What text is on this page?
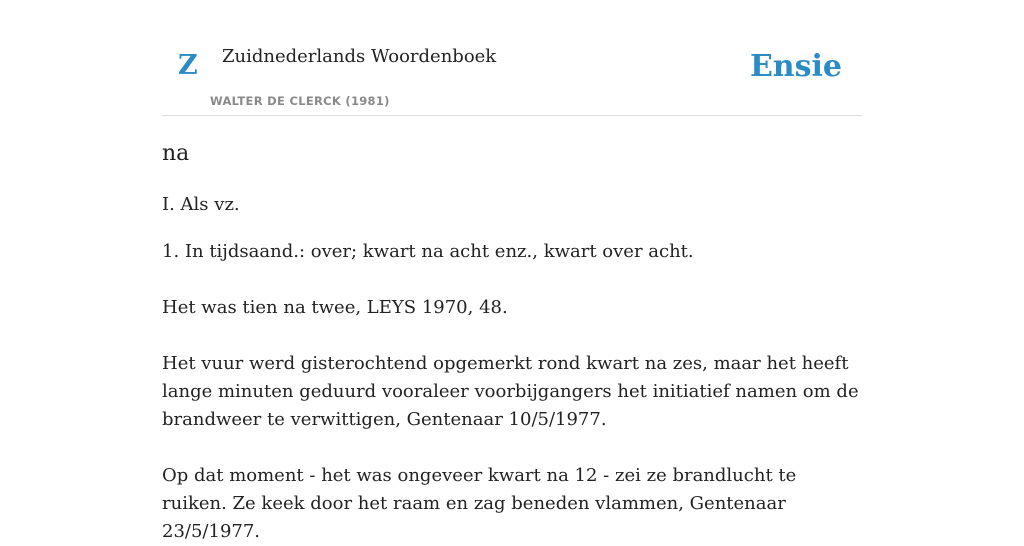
Z Zuidnederlands Woordenboek
WALTER DE CLERCK (1981)
Ensie
na

I. Als vz.

1. In tijdsaand.: over; kwart na acht enz., kwart over acht.

Het was tien na twee, LEYS 1970, 48.

Het vuur werd gisterochtend opgemerkt rond kwart na zes, maar het heeft lange minuten geduurd vooraleer voorbijgangers het initiatief namen om de brandweer te verwittigen, Gentenaar 10/5/1977.

Op dat moment - het was ongeveer kwart na 12 - zei ze brandlucht te ruiken. Ze keek door het raam en zag beneden vlammen, Gentenaar 23/5/1977.
